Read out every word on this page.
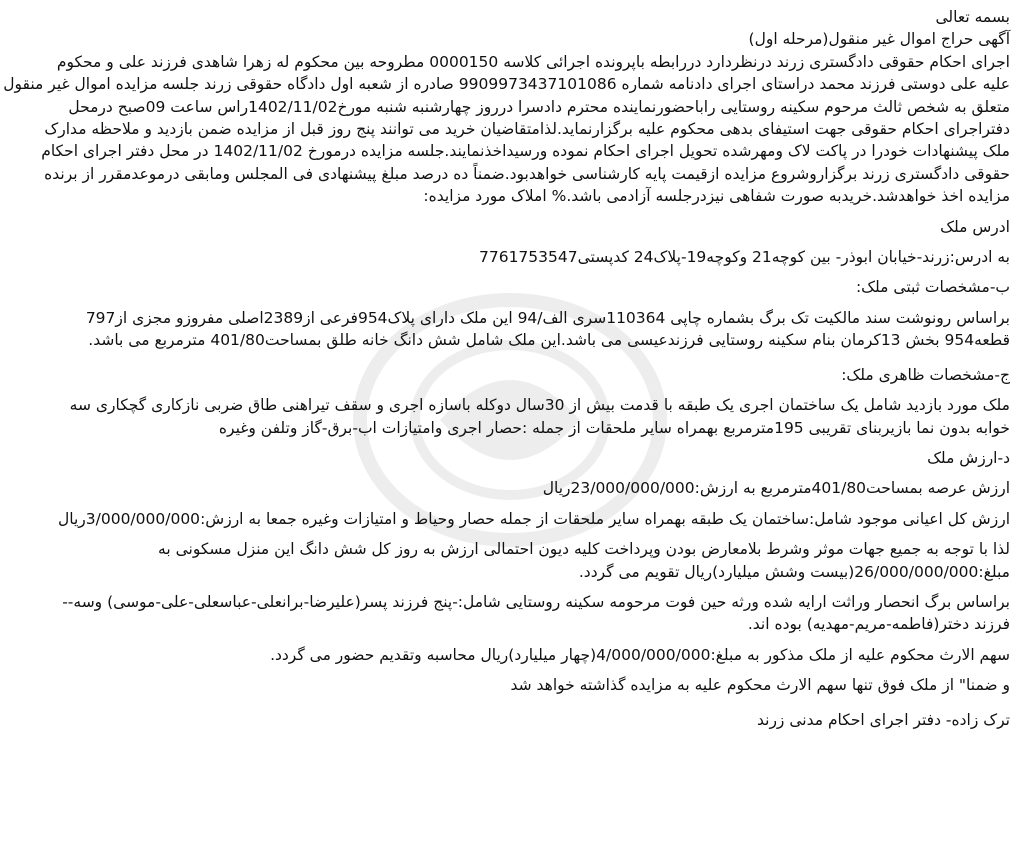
بسمه تعالی

آگهی حراج اموال غیر منقول(مرحله اول)

اجرای احکام حقوقی دادگستری زرند درنظردارد دررابطه باپرونده اجرائی کلاسه 0000150 مطروحه بین محکوم له زهرا شاهدی فرزند علی و محکوم
علیه علی دوستی فرزند محمد دراستای اجرای دادنامه شماره 9909973437101086 صادره از شعبه اول دادگاه حقوقی زرند جلسه مزایده اموال غیر منقول
متعلق به شخص ثالث مرحوم سکینه روستایی راباحضورنماینده محترم دادسرا درروز چهارشنبه شنبه مورخ1402/11/02راس ساعت 09صبح درمحل
دفتراجرای احکام حقوقی جهت استیفای بدهی محکوم علیه برگزارنماید.لذامتقاضیان خرید می توانند پنج روز قبل از مزایده ضمن بازدید و ملاحظه مدارک
ملک پیشنهادات خودرا در پاکت لاک ومهرشده تحویل اجرای احکام نموده ورسیداخذنمایند.جلسه مزایده درمورخ 1402/11/02 در محل دفتر اجرای احکام
حقوقی دادگستری زرند برگزاروشروع مزایده ازقیمت پایه کارشناسی خواهدبود.ضمناً ده درصد مبلغ پیشنهادی فی المجلس ومابقی درموعدمقرر از برنده
مزایده اخذ خواهدشد.خریدبه صورت شفاهی نیزدرجلسه آزادمی باشد.% املاک مورد مزایده:

ادرس ملک

به ادرس:زرند-خیابان ابوذر- بین کوچه21 وکوچه19-پلاک24 کدپستی7761753547

ب-مشخصات ثبتی ملک:

براساس رونوشت سند مالکیت تک برگ بشماره چاپی 110364سری الف/94 این ملک دارای پلاک954فرعی از2389اصلی مفروزو مجزی از797
قطعه954 بخش 13کرمان بنام سکینه روستایی فرزندعیسی می باشد.این ملک شامل شش دانگ خانه طلق بمساحت401/80 مترمربع می باشد.

ج-مشخصات ظاهری ملک:

ملک مورد بازدید شامل یک ساختمان اجری یک طبقه با قدمت بیش از 30سال دوکله باسازه اجری و سقف تیراهنی طاق ضربی نازکاری گچکاری سه
خوابه بدون نما بازیربنای تقریبی 195مترمربع بهمراه سایر ملحقات از جمله :حصار اجری وامتیازات اب-برق-گاز وتلفن وغیره

د-ارزش ملک

ارزش عرصه بمساحت401/80مترمربع به ارزش:23/000/000/000ریال

ارزش کل اعیانی موجود شامل:ساختمان یک طبقه بهمراه سایر ملحقات از جمله حصار وحیاط و امتیازات وغیره جمعا به ارزش:3/000/000/000ریال

لذا با توجه به جمیع جهات موثر وشرط بلامعارض بودن وپرداخت کلیه دیون احتمالی ارزش به روز کل شش دانگ این منزل مسکونی به
مبلغ:26/000/000/000(بیست وشش میلیارد)ریال تقویم می گردد.
براساس برگ انحصار وراثت ارایه شده ورثه حین فوت مرحومه سکینه روستایی شامل:-پنج فرزند پسر(علیرضا-برانعلی-عباسعلی-علی-موسی) وسه--
فرزند دختر(فاطمه-مریم-مهدیه) بوده اند.

سهم الارث محکوم علیه از ملک مذکور به مبلغ:4/000/000/000(چهار میلیارد)ریال محاسبه وتقدیم حضور می گردد.

و ضمنا" از ملک فوق تنها سهم الارث محکوم علیه به مزایده گذاشته خواهد شد

ترک زاده- دفتر اجرای احکام مدنی زرند
